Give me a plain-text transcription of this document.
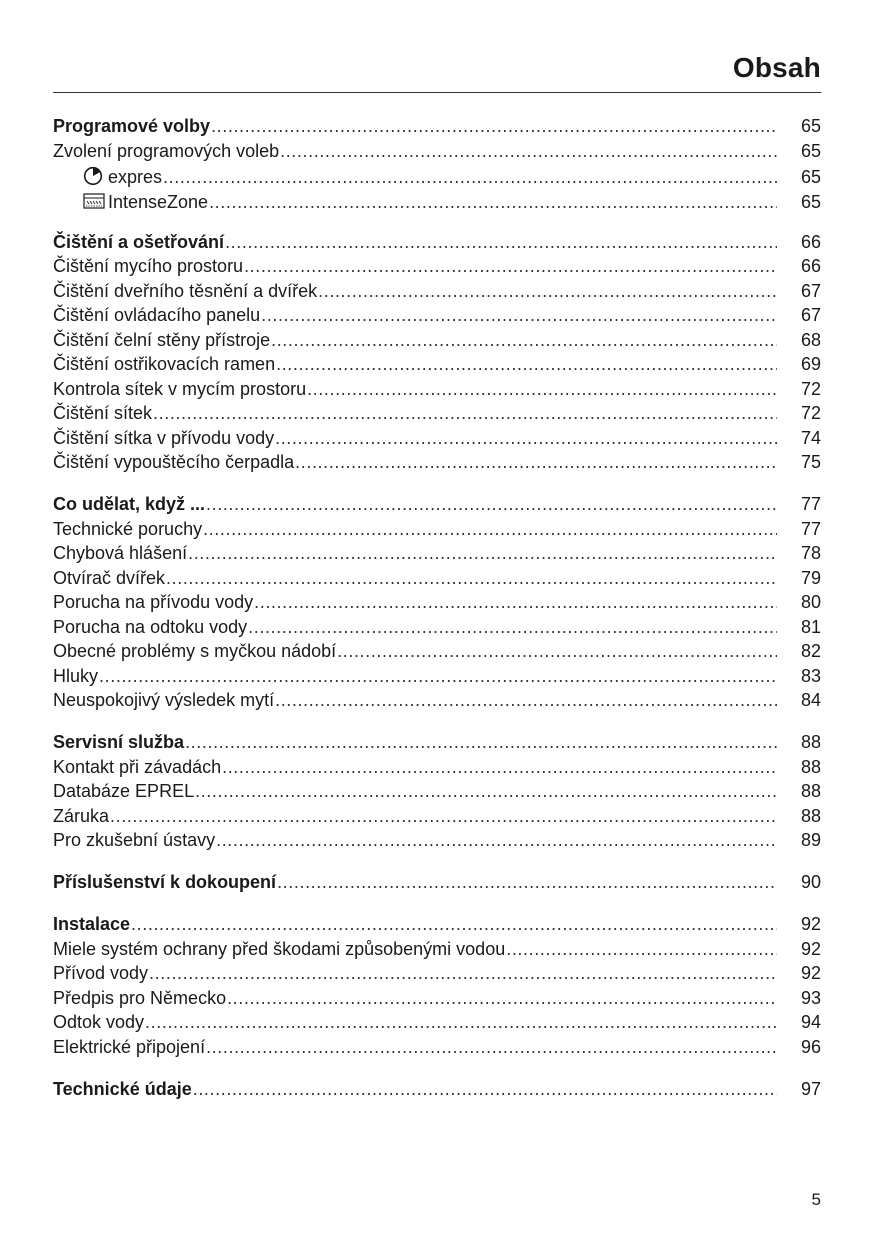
Obsah
Programové volby .....	65
Zvolení programových voleb .....	65
expres .....	65
IntenseZone .....	65
Čištění a ošetřování .....	66
Čištění mycího prostoru .....	66
Čištění dveřního těsnění a dvířek .....	67
Čištění ovládacího panelu .....	67
Čištění čelní stěny přístroje .....	68
Čištění ostřikovacích ramen .....	69
Kontrola sítek v mycím prostoru .....	72
Čištění sítek .....	72
Čištění sítka v přívodu vody .....	74
Čištění vypouštěcího čerpadla .....	75
Co udělat, když ... .....	77
Technické poruchy .....	77
Chybová hlášení .....	78
Otvírač dvířek .....	79
Porucha na přívodu vody .....	80
Porucha na odtoku vody .....	81
Obecné problémy s myčkou nádobí .....	82
Hluky .....	83
Neuspokojivý výsledek mytí .....	84
Servisní služba .....	88
Kontakt při závadách .....	88
Databáze EPREL .....	88
Záruka .....	88
Pro zkušební ústavy .....	89
Příslušenství k dokoupení .....	90
Instalace .....	92
Miele systém ochrany před škodami způsobenými vodou .....	92
Přívod vody .....	92
Předpis pro Německo .....	93
Odtok vody .....	94
Elektrické připojení .....	96
Technické údaje .....	97
5
